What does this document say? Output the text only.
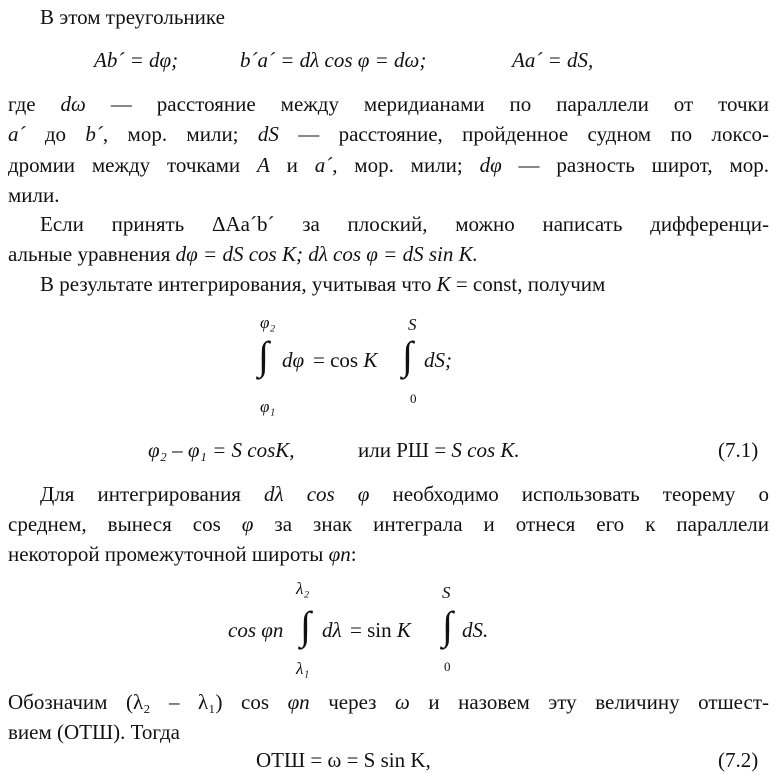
В этом треугольнике
Ab´ = dφ;	b´a´ = dλ cos φ = dω;	Aa´ = dS,
где dω — расстояние между меридианами по параллели от точки
a´ до b´, мор. мили; dS — расстояние, пройденное судном по локсо-
дромии между точками A и a´, мор. мили; dφ — разность широт, мор.
мили.
Если принять ΔAa´b´ за плоский, можно написать дифференци-
альные уравнения dφ = dS cos K; dλ cos φ = dS sin K.
В результате интегрирования, учитывая что K = const, получим
φ₂
∫ dφ
φ₁
= cos K
S
∫ dS;
0
φ₂ – φ₁ = S cosK,	или РШ = S cos K.	(7.1)
Для интегрирования dλ cos φ необходимо использовать теорему о
среднем, вынеся cos φ за знак интеграла и отнеся его к параллели
некоторой промежуточной широты φn:
cos φn
λ₂
∫ dλ
λ₁
= sin K
S
∫ dS.
0
Обозначим (λ₂ – λ₁) cos φn через ω и назовем эту величину отшест-
вием (ОТШ). Тогда
ОТШ = ω = S sin K,	(7.2)
